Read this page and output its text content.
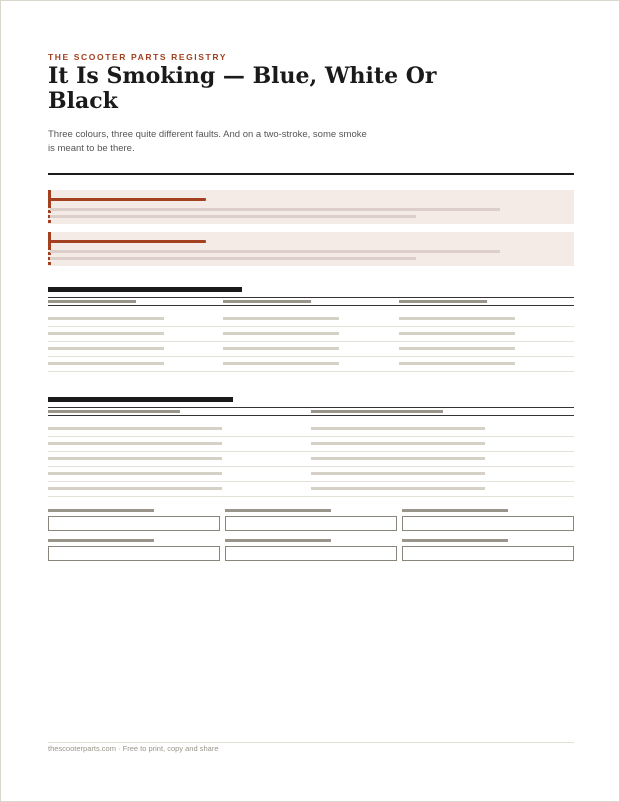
THE SCOOTER PARTS REGISTRY
It Is Smoking — Blue, White Or Black
Three colours, three quite different faults. And on a two-stroke, some smoke is meant to be there.
thescooterparts.com · Free to print, copy and share
